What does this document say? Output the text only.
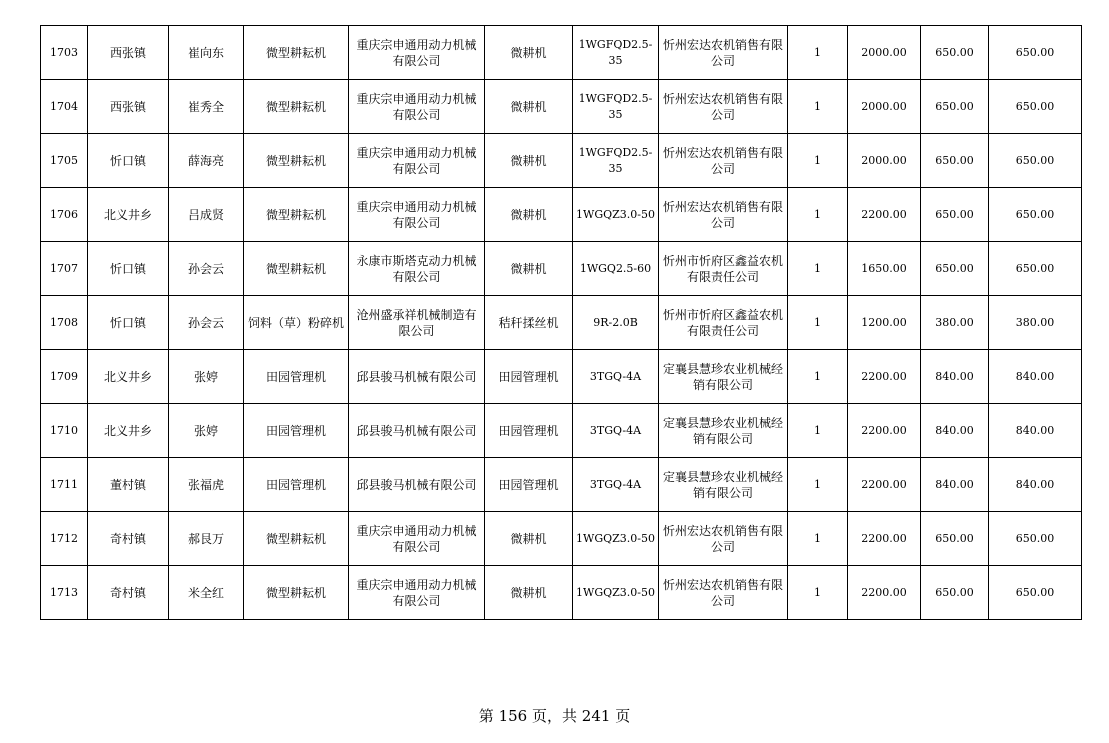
1703	西张镇	崔向东	微型耕耘机	重庆宗申通用动力机械有限公司	微耕机	1WGFQD2.5-35	忻州宏达农机销售有限公司	1	2000.00	650.00	650.00
1704	西张镇	崔秀全	微型耕耘机	重庆宗申通用动力机械有限公司	微耕机	1WGFQD2.5-35	忻州宏达农机销售有限公司	1	2000.00	650.00	650.00
1705	忻口镇	薛海亮	微型耕耘机	重庆宗申通用动力机械有限公司	微耕机	1WGFQD2.5-35	忻州宏达农机销售有限公司	1	2000.00	650.00	650.00
1706	北义井乡	吕成贤	微型耕耘机	重庆宗申通用动力机械有限公司	微耕机	1WGQZ3.0-50	忻州宏达农机销售有限公司	1	2200.00	650.00	650.00
1707	忻口镇	孙会云	微型耕耘机	永康市斯塔克动力机械有限公司	微耕机	1WGQ2.5-60	忻州市忻府区鑫益农机有限责任公司	1	1650.00	650.00	650.00
1708	忻口镇	孙会云	饲料（草）粉碎机	沧州盛承祥机械制造有限公司	秸秆揉丝机	9R-2.0B	忻州市忻府区鑫益农机有限责任公司	1	1200.00	380.00	380.00
1709	北义井乡	张婷	田园管理机	邱县骏马机械有限公司	田园管理机	3TGQ-4A	定襄县慧珍农业机械经销有限公司	1	2200.00	840.00	840.00
1710	北义井乡	张婷	田园管理机	邱县骏马机械有限公司	田园管理机	3TGQ-4A	定襄县慧珍农业机械经销有限公司	1	2200.00	840.00	840.00
1711	董村镇	张福虎	田园管理机	邱县骏马机械有限公司	田园管理机	3TGQ-4A	定襄县慧珍农业机械经销有限公司	1	2200.00	840.00	840.00
1712	奇村镇	郝艮万	微型耕耘机	重庆宗申通用动力机械有限公司	微耕机	1WGQZ3.0-50	忻州宏达农机销售有限公司	1	2200.00	650.00	650.00
1713	奇村镇	米全红	微型耕耘机	重庆宗申通用动力机械有限公司	微耕机	1WGQZ3.0-50	忻州宏达农机销售有限公司	1	2200.00	650.00	650.00
第 156 页，共 241 页
